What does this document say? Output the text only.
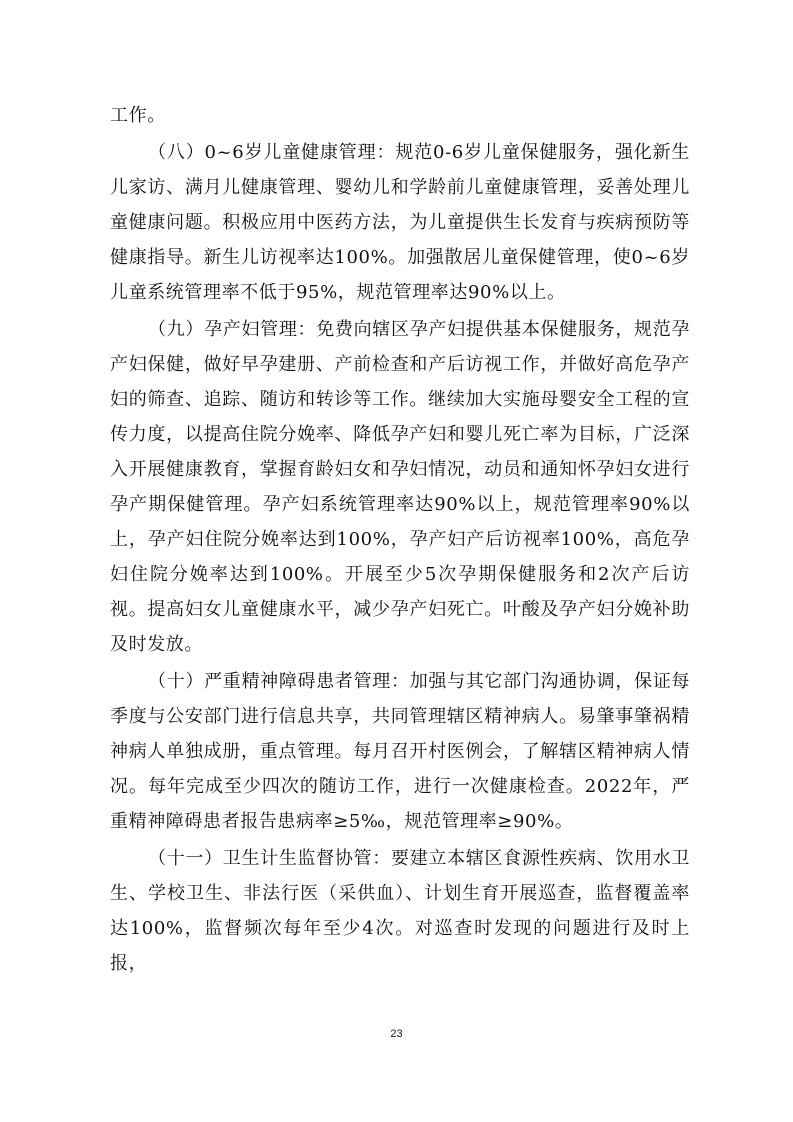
工作。

（八）0~6岁儿童健康管理：规范0-6岁儿童保健服务，强化新生儿家访、满月儿健康管理、婴幼儿和学龄前儿童健康管理，妥善处理儿童健康问题。积极应用中医药方法，为儿童提供生长发育与疾病预防等健康指导。新生儿访视率达100%。加强散居儿童保健管理，使0~6岁儿童系统管理率不低于95%，规范管理率达90%以上。

（九）孕产妇管理：免费向辖区孕产妇提供基本保健服务，规范孕产妇保健，做好早孕建册、产前检查和产后访视工作，并做好高危孕产妇的筛查、追踪、随访和转诊等工作。继续加大实施母婴安全工程的宣传力度，以提高住院分娩率、降低孕产妇和婴儿死亡率为目标，广泛深入开展健康教育，掌握育龄妇女和孕妇情况，动员和通知怀孕妇女进行孕产期保健管理。孕产妇系统管理率达90%以上，规范管理率90%以上，孕产妇住院分娩率达到100%，孕产妇产后访视率100%，高危孕妇住院分娩率达到100%。开展至少5次孕期保健服务和2次产后访视。提高妇女儿童健康水平，减少孕产妇死亡。叶酸及孕产妇分娩补助及时发放。

（十）严重精神障碍患者管理：加强与其它部门沟通协调，保证每季度与公安部门进行信息共享，共同管理辖区精神病人。易肇事肇祸精神病人单独成册，重点管理。每月召开村医例会，了解辖区精神病人情况。每年完成至少四次的随访工作，进行一次健康检查。2022年，严重精神障碍患者报告患病率≥5‰，规范管理率≥90%。

（十一）卫生计生监督协管：要建立本辖区食源性疾病、饮用水卫生、学校卫生、非法行医（采供血）、计划生育开展巡查，监督覆盖率达100%，监督频次每年至少4次。对巡查时发现的问题进行及时上报，

23
